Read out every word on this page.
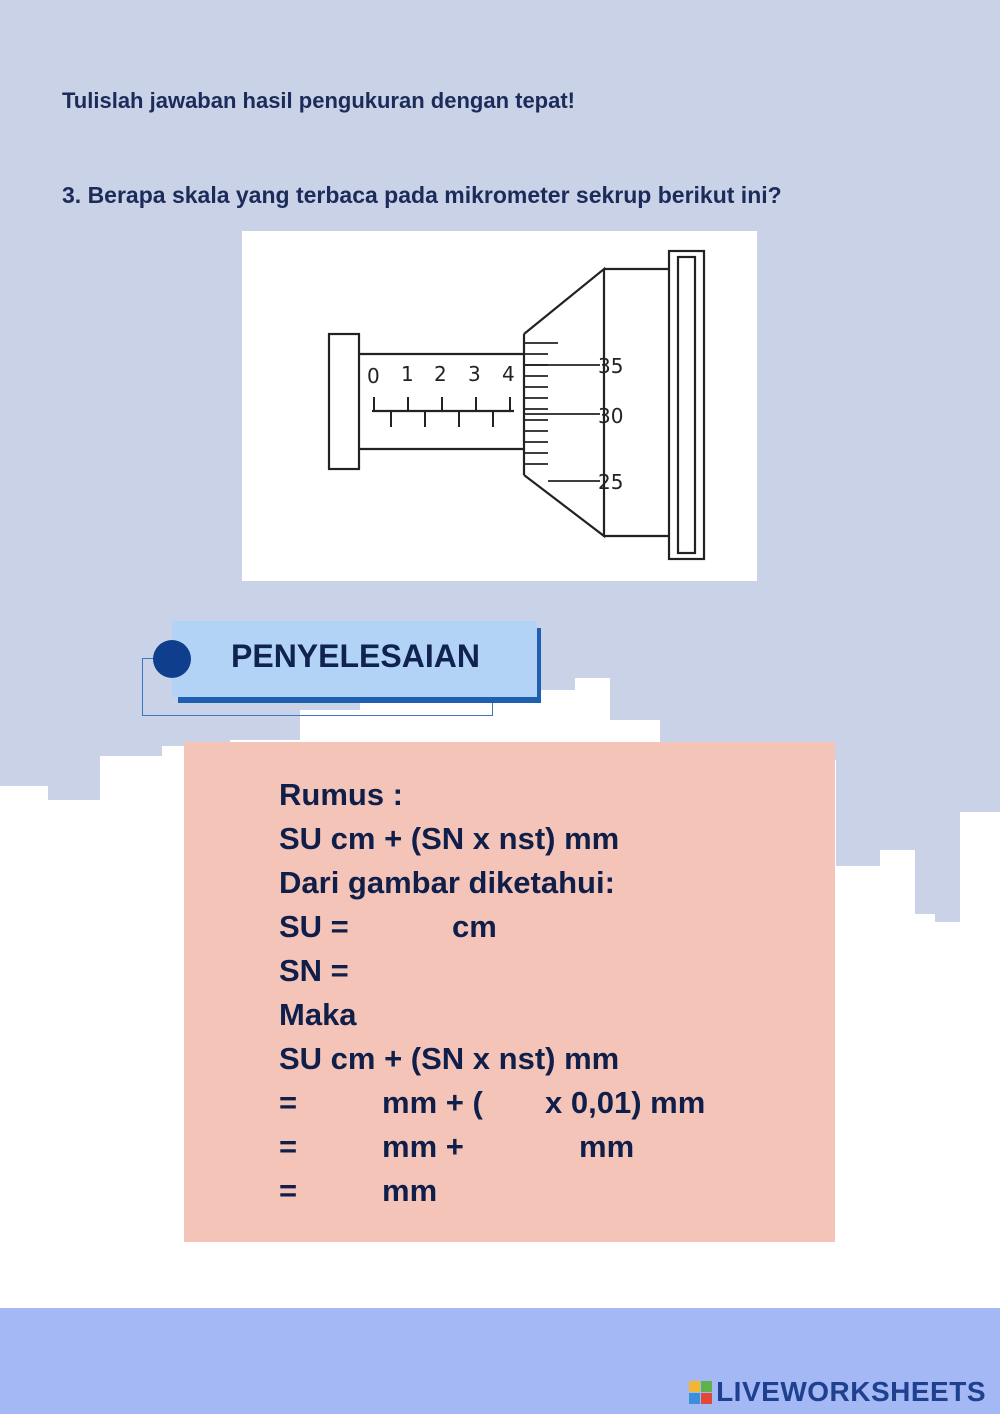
Tulislah jawaban hasil pengukuran dengan tepat!
3. Berapa skala yang terbaca pada mikrometer sekrup berikut ini?
0 1 2 3 4	35
30
25
PENYELESAIAN
Rumus :
SU cm + (SN x nst) mm
Dari gambar diketahui:
SU =	cm
SN =
Maka
SU cm + (SN x nst) mm
=	mm + ( x 0,01) mm
=	mm +	mm
=	mm
LIVEWORKSHEETS
